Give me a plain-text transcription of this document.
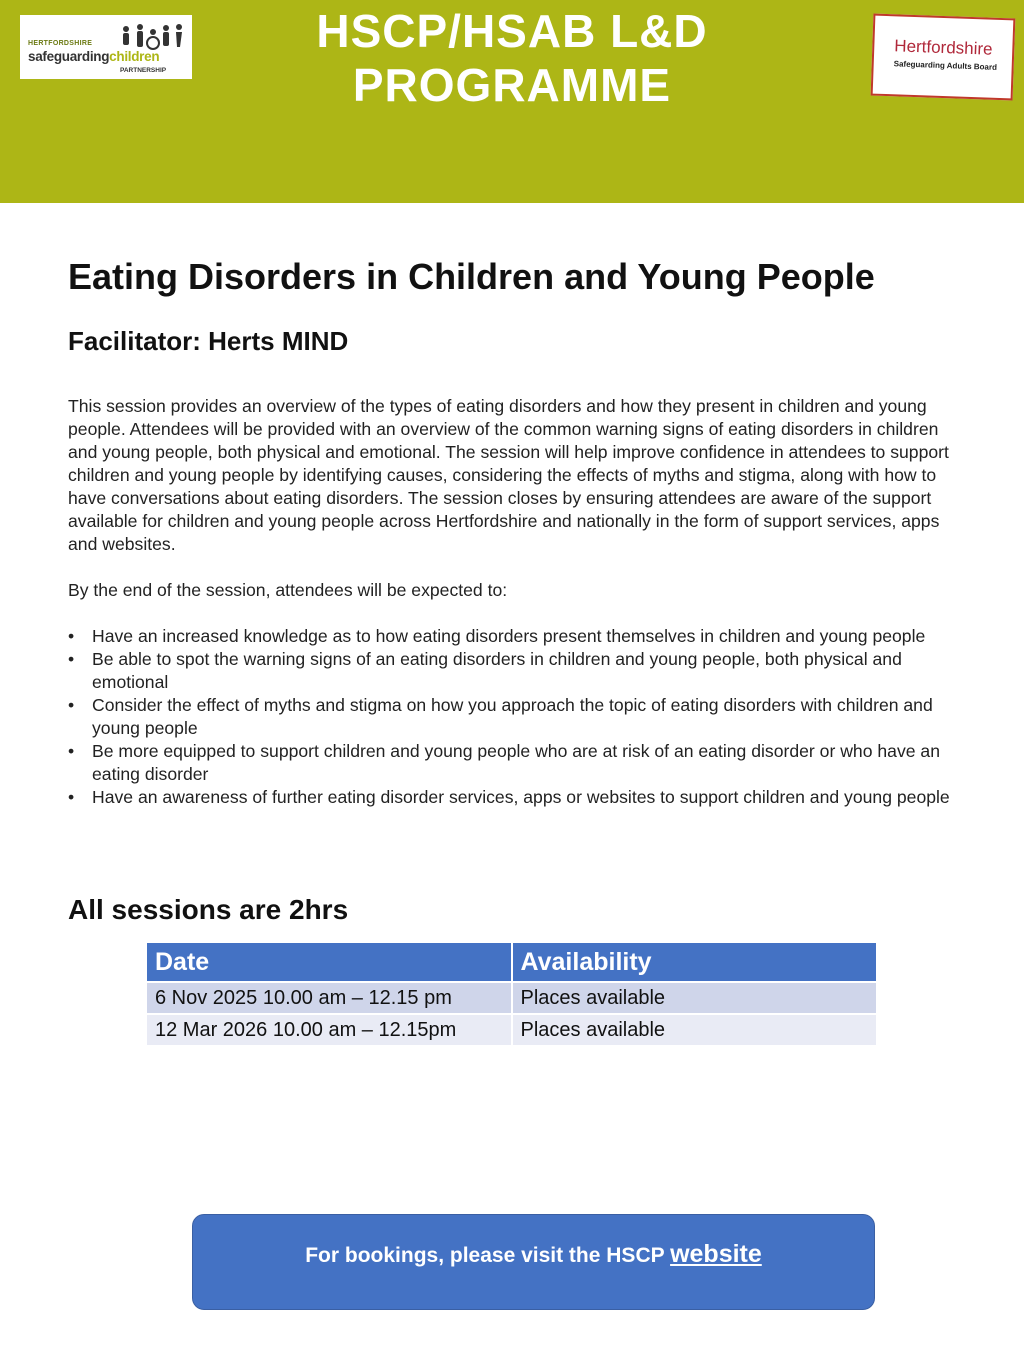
HERTFORDSHIRE
safeguardingchildren
PARTNERSHIP
HSCP/HSAB L&D
PROGRAMME
Hertfordshire
Safeguarding Adults Board
Eating Disorders in Children and Young People
Facilitator: Herts MIND

This session provides an overview of the types of eating disorders and how they present in children and young people. Attendees will be provided with an overview of the common warning signs of eating disorders in children and young people, both physical and emotional. The session will help improve confidence in attendees to support children and young people by identifying causes, considering the effects of myths and stigma, along with how to have conversations about eating disorders. The session closes by ensuring attendees are aware of the support available for children and young people across Hertfordshire and nationally in the form of support services, apps and websites.

By the end of the session, attendees will be expected to:

• Have an increased knowledge as to how eating disorders present themselves in children and young people
• Be able to spot the warning signs of an eating disorders in children and young people, both physical and emotional
• Consider the effect of myths and stigma on how you approach the topic of eating disorders with children and young people
• Be more equipped to support children and young people who are at risk of an eating disorder or who have an eating disorder
• Have an awareness of further eating disorder services, apps or websites to support children and young people
All sessions are 2hrs
Date	Availability
6 Nov 2025 10.00 am – 12.15 pm	Places available
12 Mar 2026 10.00 am – 12.15pm	Places available
For bookings, please visit the HSCP website
